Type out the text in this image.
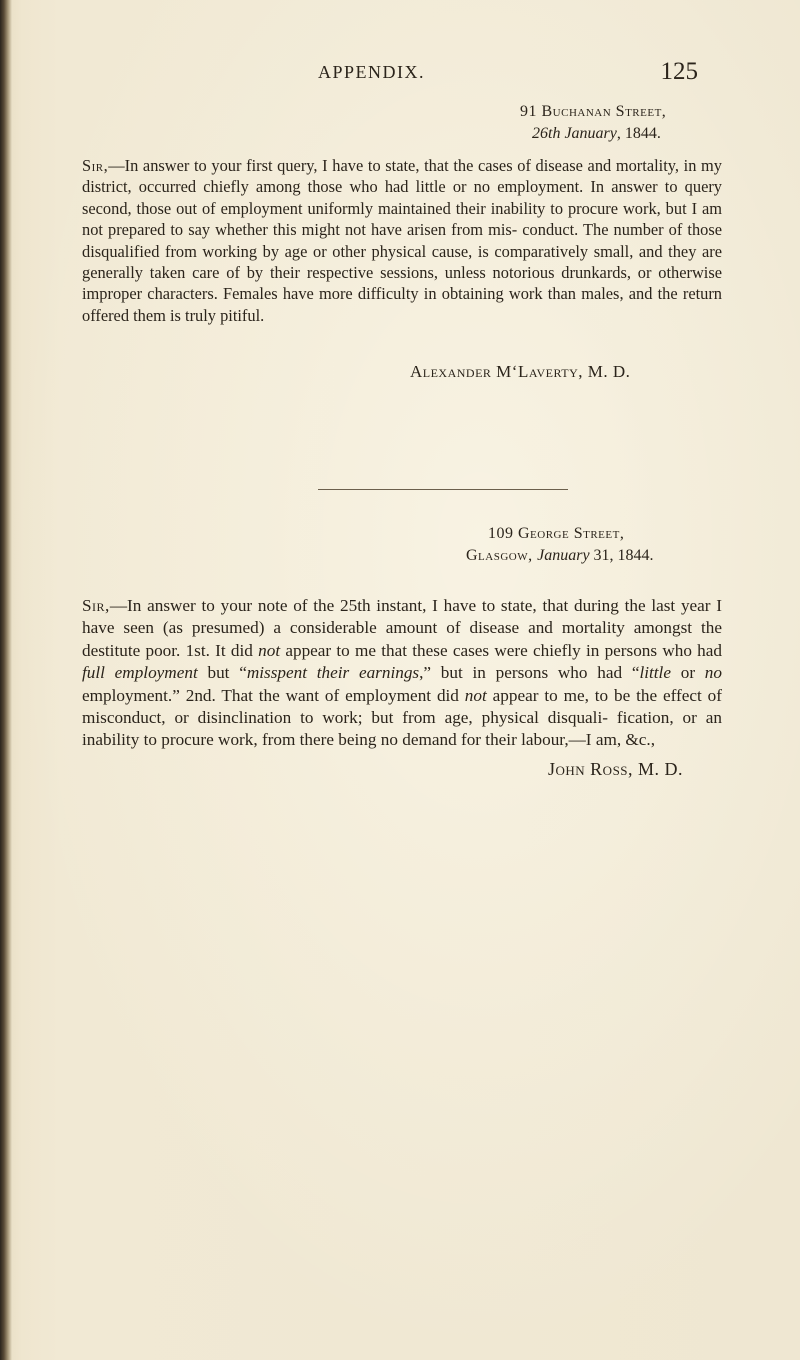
APPENDIX.	125
91 Buchanan Street,
26th January, 1844.
Sir,—In answer to your first query, I have to state, that the cases of disease and mortality, in my district, occurred chiefly among those who had little or no employment. In answer to query second, those out of employment uniformly maintained their inability to procure work, but I am not prepared to say whether this might not have arisen from mis- conduct. The number of those disqualified from working by age or other physical cause, is comparatively small, and they are generally taken care of by their respective sessions, unless notorious drunkards, or otherwise improper characters. Females have more difficulty in obtaining work than males, and the return offered them is truly pitiful.
Alexander M‘Laverty, M. D.
109 George Street,
Glasgow, January 31, 1844.
Sir,—In answer to your note of the 25th instant, I have to state, that during the last year I have seen (as presumed) a considerable amount of disease and mortality amongst the destitute poor. 1st. It did not appear to me that these cases were chiefly in persons who had full employment but “misspent their earnings,” but in persons who had “little or no employment.” 2nd. That the want of employment did not appear to me, to be the effect of misconduct, or disinclination to work; but from age, physical disquali- fication, or an inability to procure work, from there being no demand for their labour,—I am, &c.,
John Ross, M. D.
